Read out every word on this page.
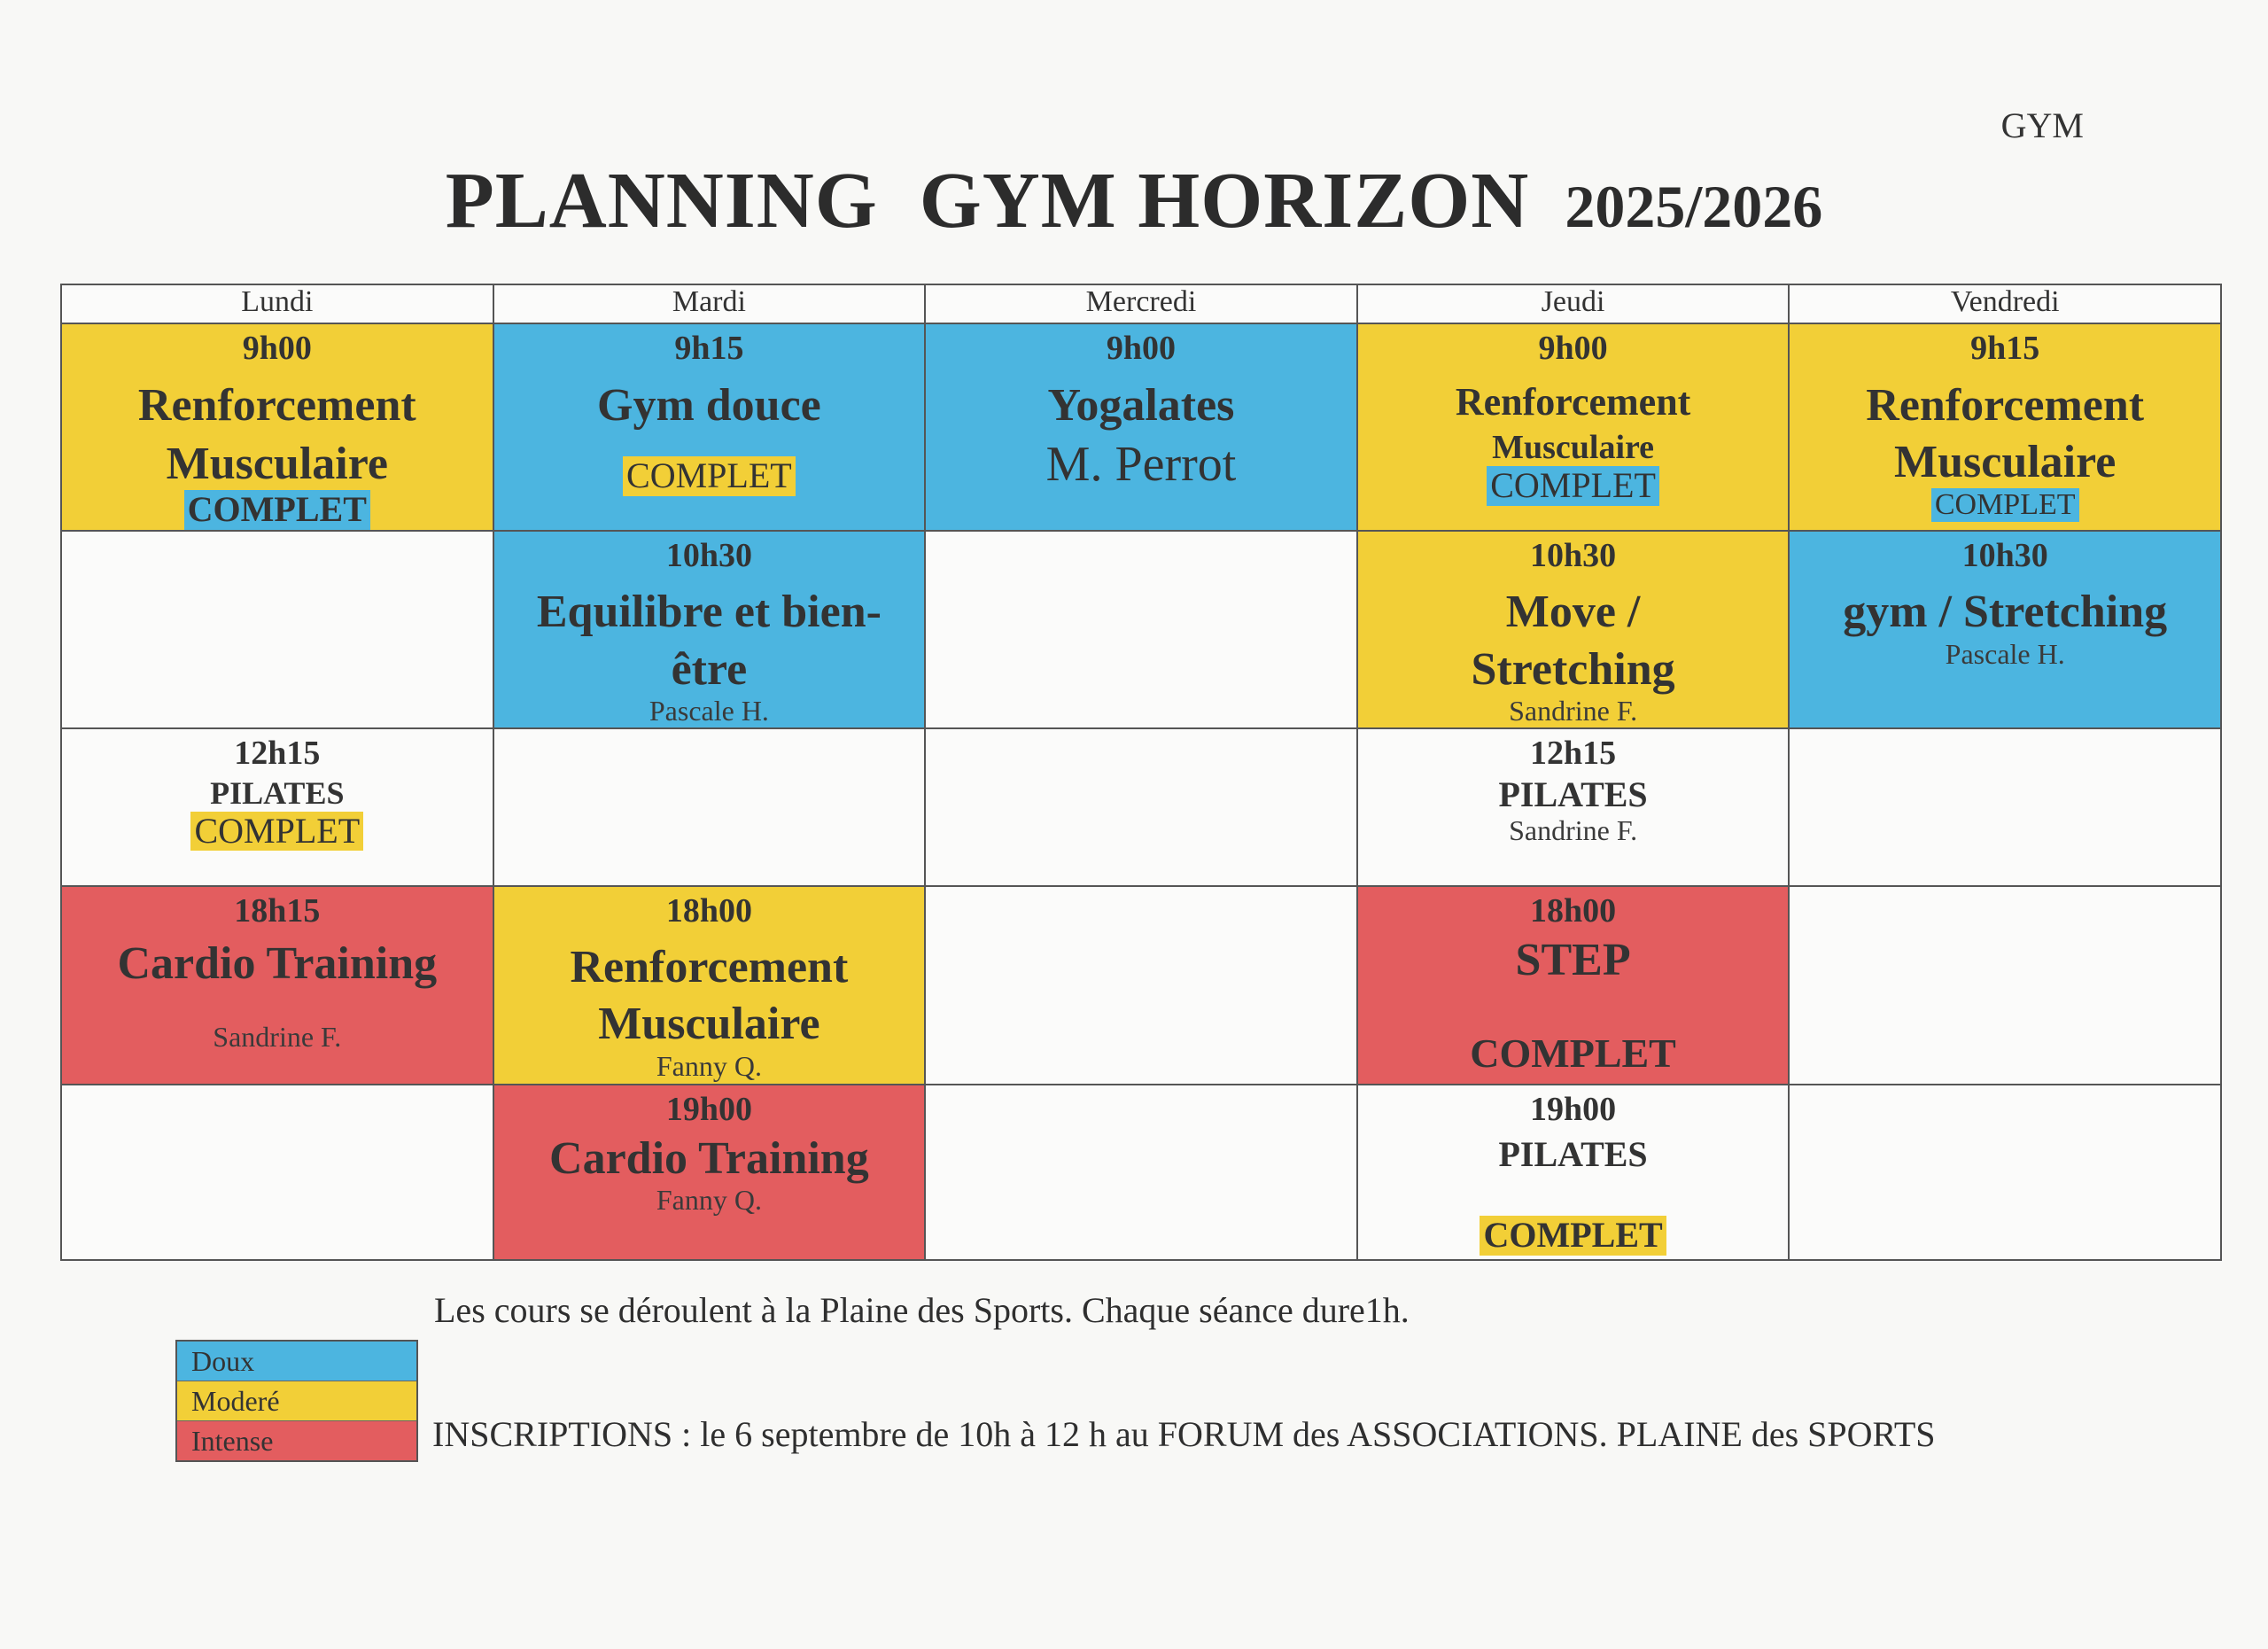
GYM
PLANNING  GYM HORIZON 2025/2026
Lundi	Mardi	Mercredi	Jeudi	Vendredi

9h00
Renforcement
Musculaire
COMPLET	9h15
Gym douce
COMPLET	9h00
Yogalates
M. Perrot	9h00
Renforcement
Musculaire
COMPLET	9h15
Renforcement
Musculaire
COMPLET

	10h30
Equilibre et bien-
être
Pascale H.		10h30
Move /
Stretching
Sandrine F.	10h30
gym / Stretching
Pascale H.

12h15
PILATES
COMPLET			12h15
PILATES
Sandrine F.	

18h15
Cardio Training
Sandrine F.	18h00
Renforcement
Musculaire
Fanny Q.		18h00
STEP
COMPLET	

	19h00
Cardio Training
Fanny Q.		19h00
PILATES
COMPLET	

Les cours se déroulent à la Plaine des Sports. Chaque séance dure1h.
Doux
Moderé
Intense	INSCRIPTIONS : le 6 septembre de 10h à 12 h au FORUM des ASSOCIATIONS. PLAINE des SPORTS
